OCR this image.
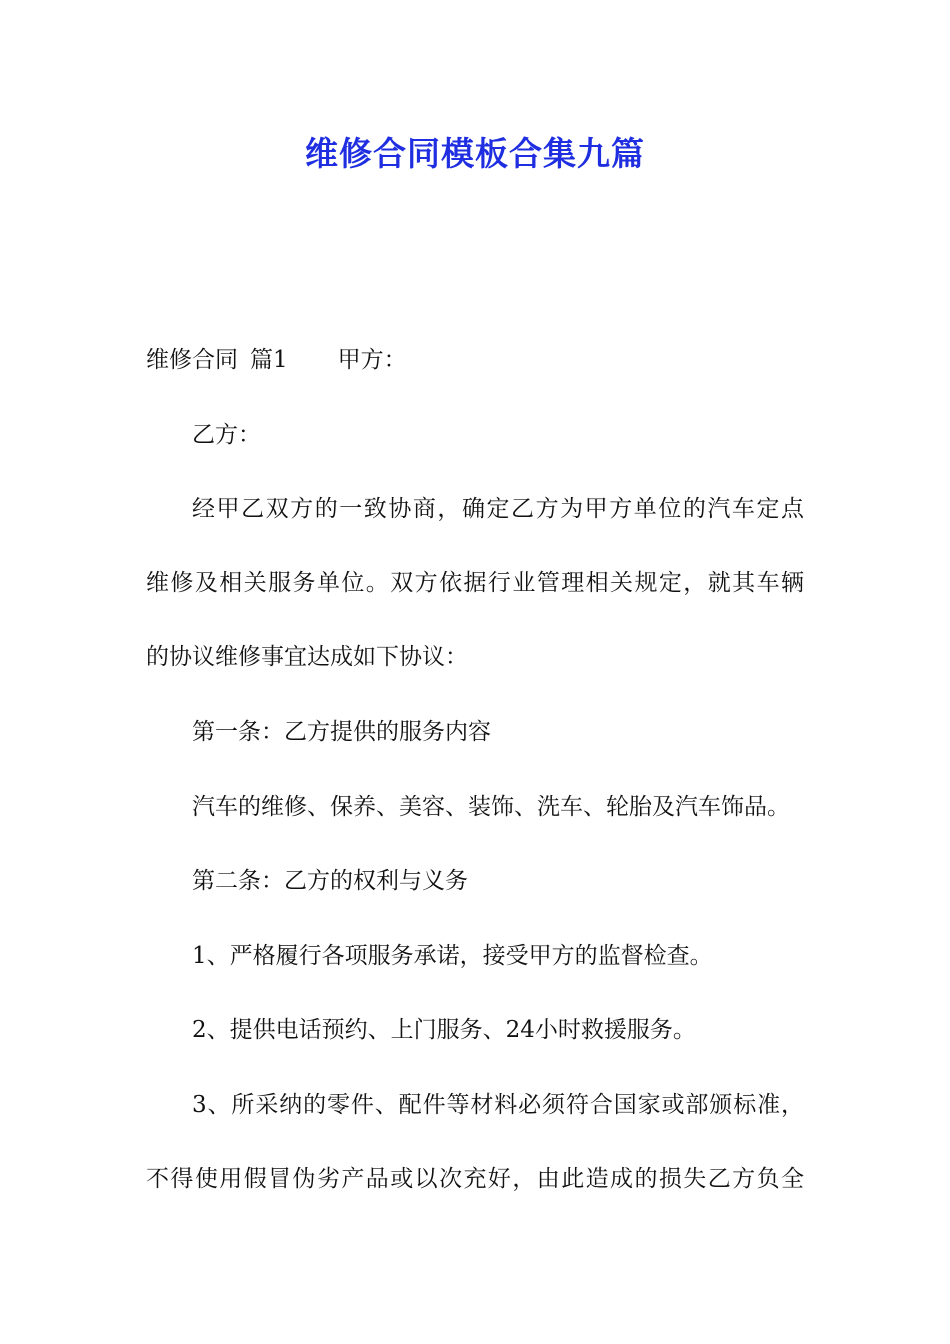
维修合同模板合集九篇

维修合同 篇1 甲方：

乙方：

经甲乙双方的一致协商，确定乙方为甲方单位的汽车定点

维修及相关服务单位。双方依据行业管理相关规定，就其车辆

的协议维修事宜达成如下协议：

第一条：乙方提供的服务内容

汽车的维修、保养、美容、装饰、洗车、轮胎及汽车饰品。

第二条：乙方的权利与义务

1、严格履行各项服务承诺，接受甲方的监督检查。

2、提供电话预约、上门服务、24小时救援服务。

3、所采纳的零件、配件等材料必须符合国家或部颁标准，

不得使用假冒伪劣产品或以次充好，由此造成的损失乙方负全
